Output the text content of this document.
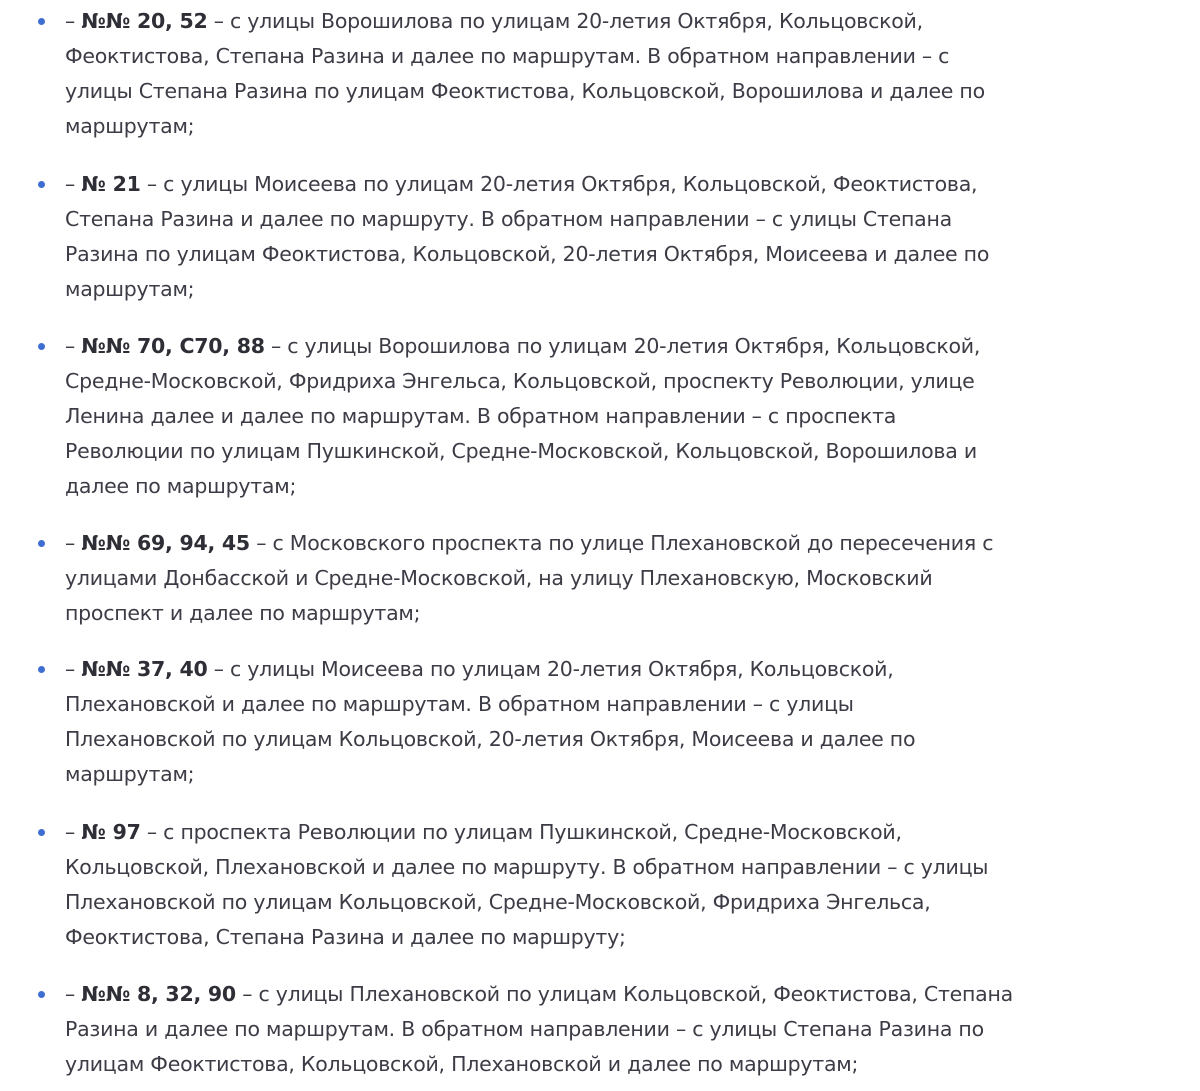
– №№ 20, 52 – с улицы Ворошилова по улицам 20-летия Октября, Кольцовской,
Феоктистова, Степана Разина и далее по маршрутам. В обратном направлении – с
улицы Степана Разина по улицам Феоктистова, Кольцовской, Ворошилова и далее по
маршрутам;

– № 21 – с улицы Моисеева по улицам 20-летия Октября, Кольцовской, Феоктистова,
Степана Разина и далее по маршруту. В обратном направлении – с улицы Степана
Разина по улицам Феоктистова, Кольцовской, 20-летия Октября, Моисеева и далее по
маршрутам;

– №№ 70, С70, 88 – с улицы Ворошилова по улицам 20-летия Октября, Кольцовской,
Средне-Московской, Фридриха Энгельса, Кольцовской, проспекту Революции, улице
Ленина далее и далее по маршрутам. В обратном направлении – с проспекта
Революции по улицам Пушкинской, Средне-Московской, Кольцовской, Ворошилова и
далее по маршрутам;

– №№ 69, 94, 45 – с Московского проспекта по улице Плехановской до пересечения с
улицами Донбасской и Средне-Московской, на улицу Плехановскую, Московский
проспект и далее по маршрутам;

– №№ 37, 40 – с улицы Моисеева по улицам 20-летия Октября, Кольцовской,
Плехановской и далее по маршрутам. В обратном направлении – с улицы
Плехановской по улицам Кольцовской, 20-летия Октября, Моисеева и далее по
маршрутам;

– № 97 – с проспекта Революции по улицам Пушкинской, Средне-Московской,
Кольцовской, Плехановской и далее по маршруту. В обратном направлении – с улицы
Плехановской по улицам Кольцовской, Средне-Московской, Фридриха Энгельса,
Феоктистова, Степана Разина и далее по маршруту;

– №№ 8, 32, 90 – с улицы Плехановской по улицам Кольцовской, Феоктистова, Степана
Разина и далее по маршрутам. В обратном направлении – с улицы Степана Разина по
улицам Феоктистова, Кольцовской, Плехановской и далее по маршрутам;
